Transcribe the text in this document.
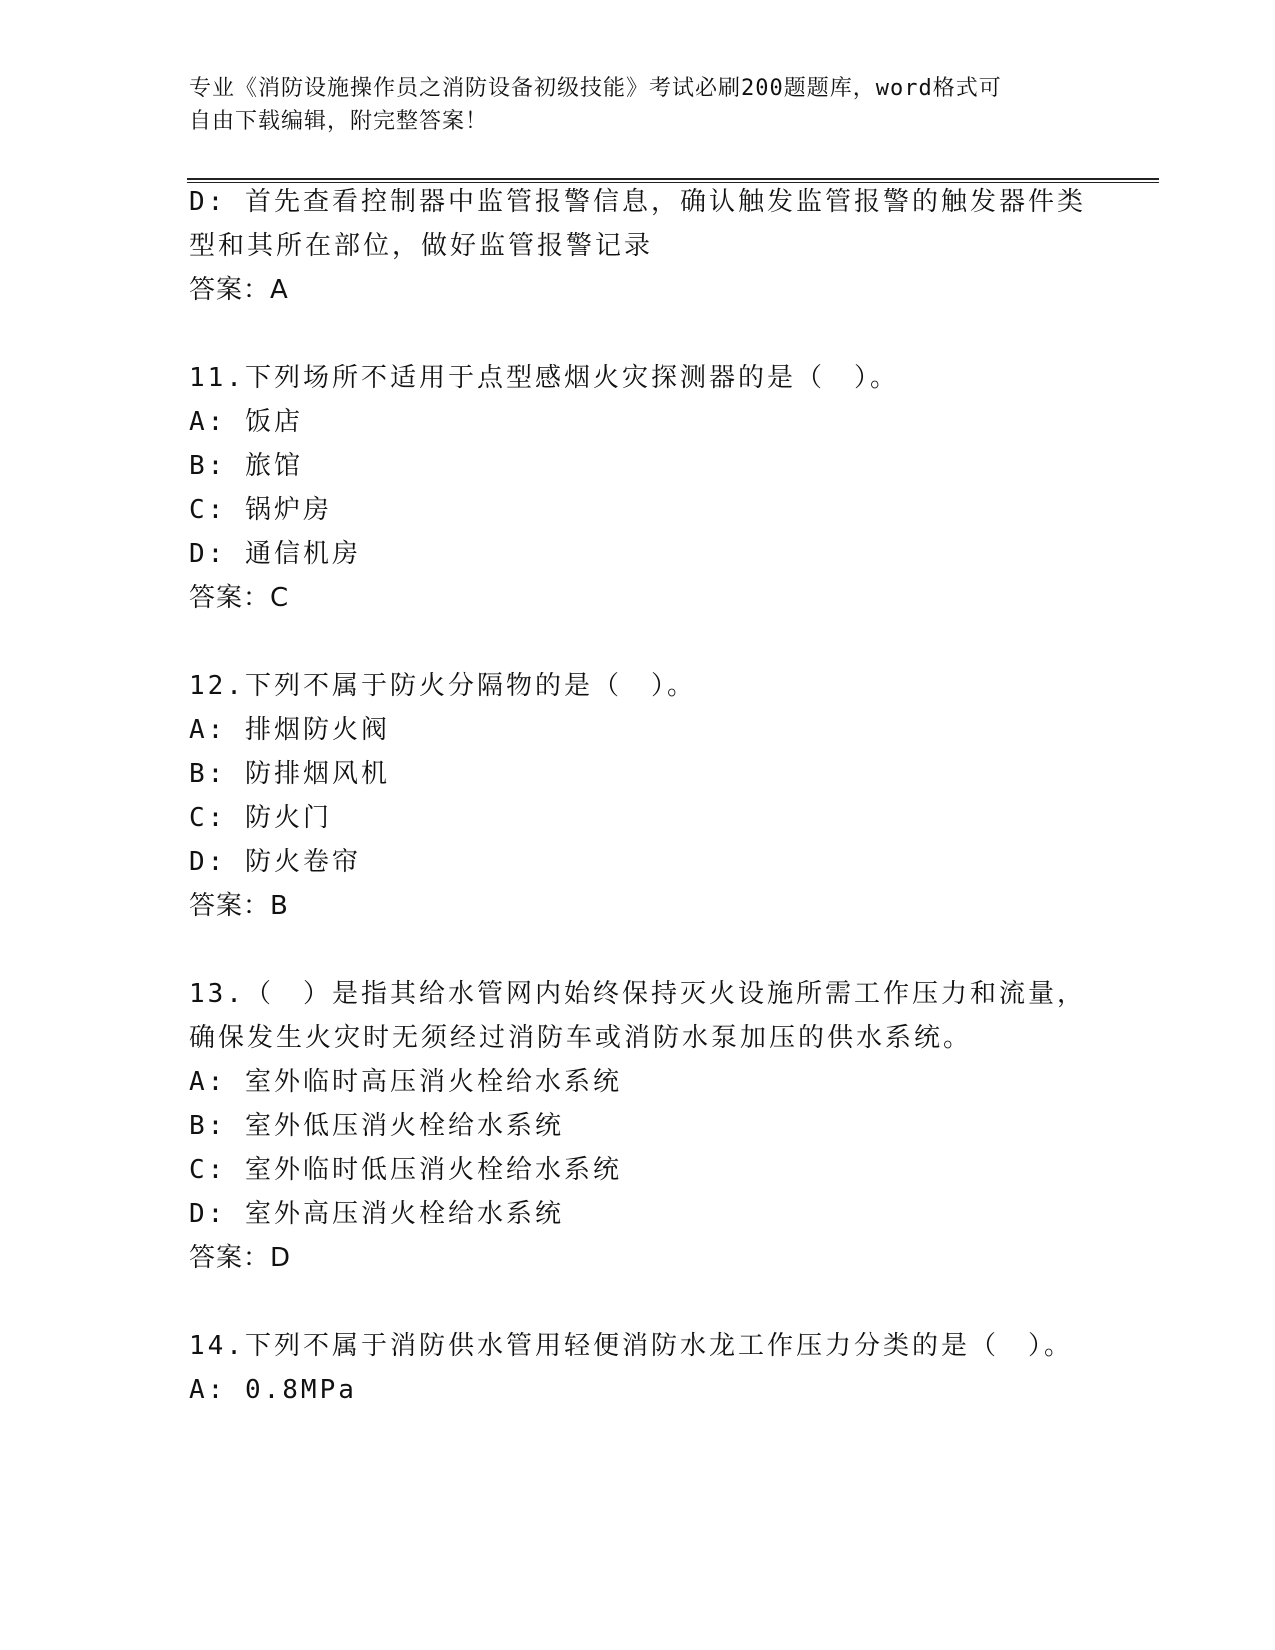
专业《消防设施操作员之消防设备初级技能》考试必刷200题题库，word格式可
自由下载编辑，附完整答案！
D: 首先查看控制器中监管报警信息，确认触发监管报警的触发器件类
型和其所在部位，做好监管报警记录
答案：A
11.下列场所不适用于点型感烟火灾探测器的是（　）。
A: 饭店
B: 旅馆
C: 锅炉房
D: 通信机房
答案：C
12.下列不属于防火分隔物的是（　）。
A: 排烟防火阀
B: 防排烟风机
C: 防火门
D: 防火卷帘
答案：B
13.（　）是指其给水管网内始终保持灭火设施所需工作压力和流量，
确保发生火灾时无须经过消防车或消防水泵加压的供水系统。
A: 室外临时高压消火栓给水系统
B: 室外低压消火栓给水系统
C: 室外临时低压消火栓给水系统
D: 室外高压消火栓给水系统
答案：D
14.下列不属于消防供水管用轻便消防水龙工作压力分类的是（　）。
A: 0.8MPa
